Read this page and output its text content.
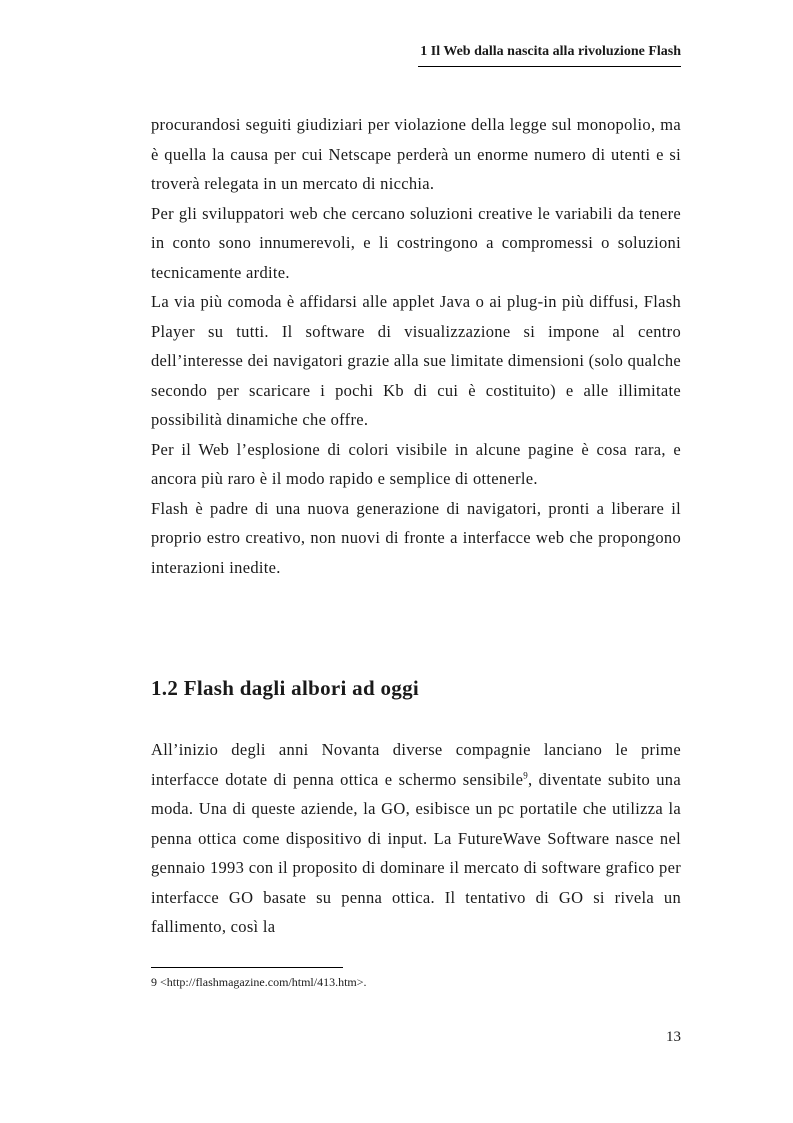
1 Il Web dalla nascita alla rivoluzione Flash

procurandosi seguiti giudiziari per violazione della legge sul monopolio, ma è quella la causa per cui Netscape perderà un enorme numero di utenti e si troverà relegata in un mercato di nicchia.

Per gli sviluppatori web che cercano soluzioni creative le variabili da tenere in conto sono innumerevoli, e li costringono a compromessi o soluzioni tecnicamente ardite.

La via più comoda è affidarsi alle applet Java o ai plug-in più diffusi, Flash Player su tutti. Il software di visualizzazione si impone al centro dell’interesse dei navigatori grazie alla sue limitate dimensioni (solo qualche secondo per scaricare i pochi Kb di cui è costituito) e alle illimitate possibilità dinamiche che offre.

Per il Web l’esplosione di colori visibile in alcune pagine è cosa rara, e ancora più raro è il modo rapido e semplice di ottenerle.

Flash è padre di una nuova generazione di navigatori, pronti a liberare il proprio estro creativo, non nuovi di fronte a interfacce web che propongono interazioni inedite.

1.2 Flash dagli albori ad oggi

All’inizio degli anni Novanta diverse compagnie lanciano le prime interfacce dotate di penna ottica e schermo sensibile$^9$, diventate subito una moda. Una di queste aziende, la GO, esibisce un pc portatile che utilizza la penna ottica come dispositivo di input. La FutureWave Software nasce nel gennaio 1993 con il proposito di dominare il mercato di software grafico per interfacce GO basate su penna ottica. Il tentativo di GO si rivela un fallimento, così la

9 <http://flashmagazine.com/html/413.htm>.
13
